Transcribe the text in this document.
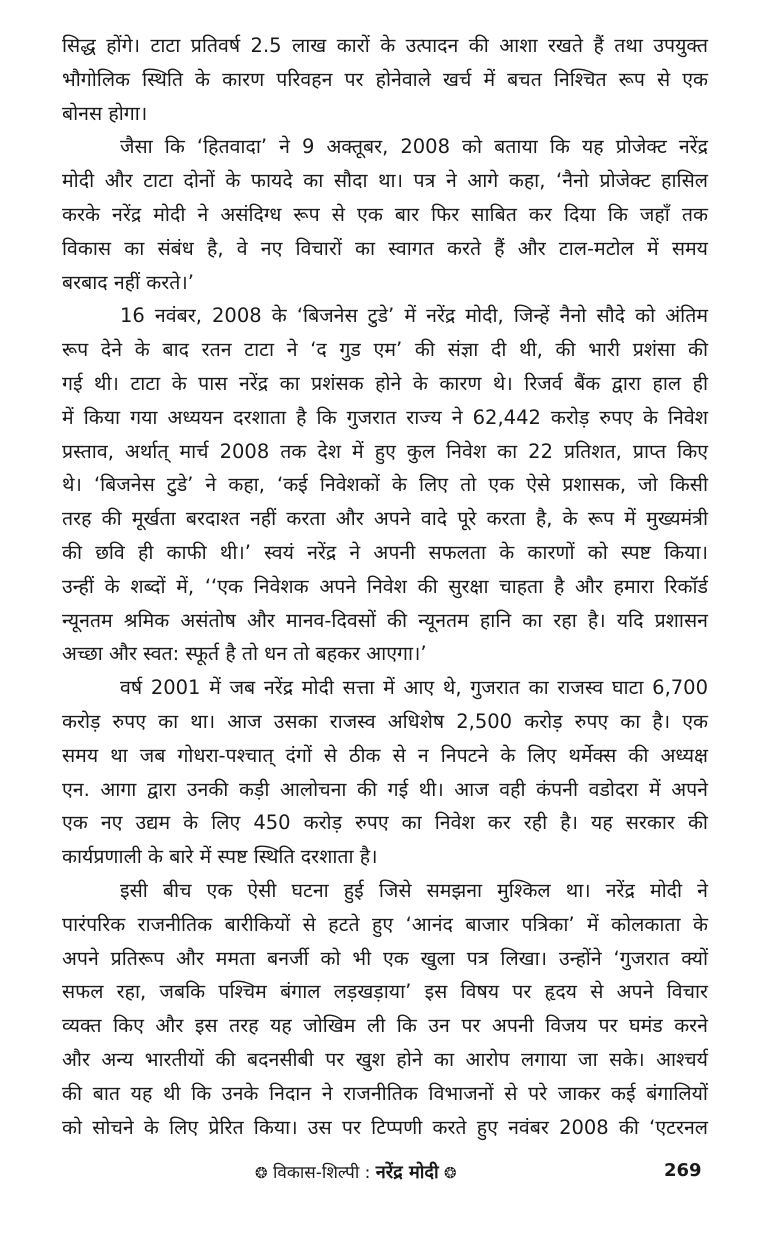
सिद्ध होंगे। टाटा प्रतिवर्ष 2.5 लाख कारों के उत्पादन की आशा रखते हैं तथा उपयुक्त
भौगोलिक स्थिति के कारण परिवहन पर होनेवाले खर्च में बचत निश्चित रूप से एक
बोनस होगा।
जैसा कि ‘हितवादा’ ने 9 अक्तूबर, 2008 को बताया कि यह प्रोजेक्ट नरेंद्र
मोदी और टाटा दोनों के फायदे का सौदा था। पत्र ने आगे कहा, ‘नैनो प्रोजेक्ट हासिल
करके नरेंद्र मोदी ने असंदिग्ध रूप से एक बार फिर साबित कर दिया कि जहाँ तक
विकास का संबंध है, वे नए विचारों का स्वागत करते हैं और टाल-मटोल में समय
बरबाद नहीं करते।’
16 नवंबर, 2008 के ‘बिजनेस टुडे’ में नरेंद्र मोदी, जिन्हें नैनो सौदे को अंतिम
रूप देने के बाद रतन टाटा ने ‘द गुड एम’ की संज्ञा दी थी, की भारी प्रशंसा की
गई थी। टाटा के पास नरेंद्र का प्रशंसक होने के कारण थे। रिजर्व बैंक द्वारा हाल ही
में किया गया अध्ययन दरशाता है कि गुजरात राज्य ने 62,442 करोड़ रुपए के निवेश
प्रस्ताव, अर्थात् मार्च 2008 तक देश में हुए कुल निवेश का 22 प्रतिशत, प्राप्त किए
थे। ‘बिजनेस टुडे’ ने कहा, ‘कई निवेशकों के लिए तो एक ऐसे प्रशासक, जो किसी
तरह की मूर्खता बरदाश्त नहीं करता और अपने वादे पूरे करता है, के रूप में मुख्यमंत्री
की छवि ही काफी थी।’ स्वयं नरेंद्र ने अपनी सफलता के कारणों को स्पष्ट किया।
उन्हीं के शब्दों में, ‘‘एक निवेशक अपने निवेश की सुरक्षा चाहता है और हमारा रिकॉर्ड
न्यूनतम श्रमिक असंतोष और मानव-दिवसों की न्यूनतम हानि का रहा है। यदि प्रशासन
अच्छा और स्वत: स्फूर्त है तो धन तो बहकर आएगा।’
वर्ष 2001 में जब नरेंद्र मोदी सत्ता में आए थे, गुजरात का राजस्व घाटा 6,700
करोड़ रुपए का था। आज उसका राजस्व अधिशेष 2,500 करोड़ रुपए का है। एक
समय था जब गोधरा-पश्चात् दंगों से ठीक से न निपटने के लिए थर्मेक्स की अध्यक्ष
एन. आगा द्वारा उनकी कड़ी आलोचना की गई थी। आज वही कंपनी वडोदरा में अपने
एक नए उद्यम के लिए 450 करोड़ रुपए का निवेश कर रही है। यह सरकार की
कार्यप्रणाली के बारे में स्पष्ट स्थिति दरशाता है।
इसी बीच एक ऐसी घटना हुई जिसे समझना मुश्किल था। नरेंद्र मोदी ने
पारंपरिक राजनीतिक बारीकियों से हटते हुए ‘आनंद बाजार पत्रिका’ में कोलकाता के
अपने प्रतिरूप और ममता बनर्जी को भी एक खुला पत्र लिखा। उन्होंने ‘गुजरात क्यों
सफल रहा, जबकि पश्चिम बंगाल लड़खड़ाया’ इस विषय पर हृदय से अपने विचार
व्यक्त किए और इस तरह यह जोखिम ली कि उन पर अपनी विजय पर घमंड करने
और अन्य भारतीयों की बदनसीबी पर खुश होने का आरोप लगाया जा सके। आश्चर्य
की बात यह थी कि उनके निदान ने राजनीतिक विभाजनों से परे जाकर कई बंगालियों
को सोचने के लिए प्रेरित किया। उस पर टिप्पणी करते हुए नवंबर 2008 की ‘एटरनल
❂ विकास-शिल्पी : नरेंद्र मोदी ❂	269
